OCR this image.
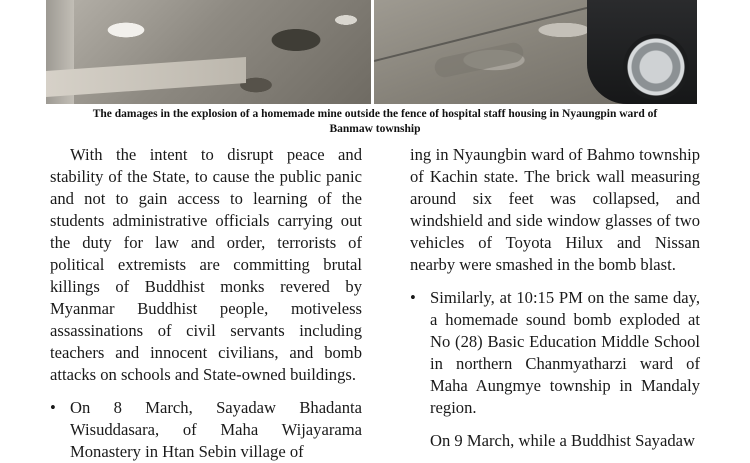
The damages in the explosion of a homemade mine outside the fence of hospital staff housing in Nyaungpin ward of
Banmaw township

With the intent to disrupt peace and stability of the State, to cause the public panic and not to gain access to learning of the students administrative officials carrying out the duty for law and order, terrorists of political extremists are committing brutal killings of Buddhist monks revered by Myanmar Buddhist people, motiveless assassinations of civil servants including teachers and innocent civilians, and bomb attacks on schools and State-owned buildings.

• On 8 March, Sayadaw Bhadanta Wisuddasara, of Maha Wijayarama Monastery in Htan Sebin village of

ing in Nyaungbin ward of Bahmo township of Kachin state. The brick wall measuring around six feet was collapsed, and windshield and side window glasses of two vehicles of Toyota Hilux and Nissan nearby were smashed in the bomb blast.

• Similarly, at 10:15 PM on the same day, a homemade sound bomb exploded at No (28) Basic Education Middle School in northern Chanmyatharzi ward of Maha Aungmye township in Mandaly region.

On 9 March, while a Buddhist Sayadaw
